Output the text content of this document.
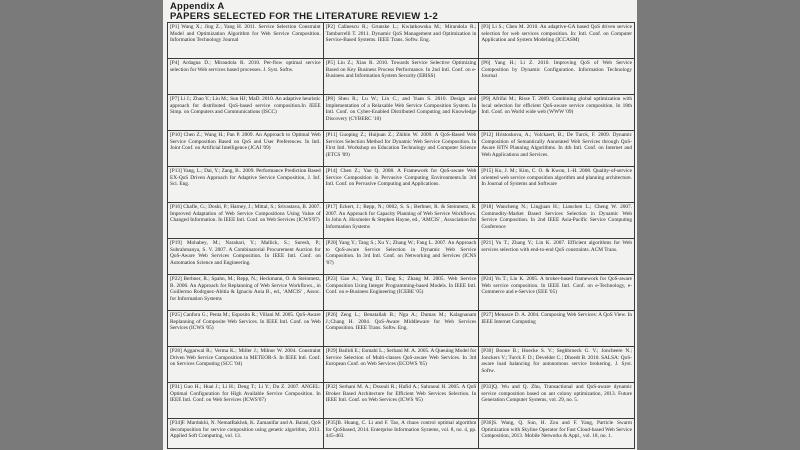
Appendix A
PAPERS SELECTED FOR THE LITERATURE REVIEW 1-2
[P1] Wang X.; Jing Z.; Yang H. 2011. Service Selection Constraint Model and Optimization Algorithm for Web Service Composition. Information Technology Journal
[P2] Calinescu R.; Grunske L.; Kwiatkowska M.; Mirandola R.; Tamburrelli T. 2011. Dynamic QoS Management and Optimization in Service-Based Systems. IEEE Trans. Softw. Eng.
[P3] Li S.; Chen M. 2010. An adaptive-GA based QoS driven service selection for web services composition. In: Intl. Conf. on Computer Application and System Modeling (ICCASM)
[P4] Ardagna D.; Mirandola R. 2010. Per-flow optimal service selection for Web services based processes. J. Syst. Softw.
[P5] Liu Z.; Xiao R. 2010. Towards Service Selective Optimizing Based on Key Business Process Performance. In 2nd Intl. Conf. on e-Business and Information System Security (EBISS)
[P6] Yang H.; Li Z. 2010. Improving QoS of Web Service Composition by Dynamic Configuration. Information Technology Journal
[P7] Li J.; Zhao Y.; Liu M.; Sun HJ; MaD. 2010. An adaptive heuristic approach for distributed QoS-based service composition.In IEEE Simp. on Computers and Communications (ISCC)
[P8] Sheu R.; Lu W.; Lin C.; and Yuan S. 2010. Design and Implementation of a Relaxable Web Service Composition System. In Intl. Conf. on Cyber-Enabled Distributed Computing and Knowledge Discovery (CYBERC '10)
[P9] Afrifai M.; Risse T. 2009. Combining global optimization with local selection for efficient QoS-aware service composition. In 18th Intl. Conf. on World wide web (WWW '09)
[P10] Chen Z.; Wang H.; Pan P. 2009. An Approach to Optimal Web Service Composition Based on QoS and User Preferences. In Intl. Joint Conf. on Artificial Intelligence (JCAI '09)
[P11] Guoping Z.; Huijuan Z.; Zhibin W. 2009. A QoS-Based Web Services Selection Method for Dynamic Web Service Composition. In First Intl. Workshop on Education Technology and Computer Science (ETCS '09)
[P12] Hristoskova, A.; Volckaert, B.; De Turck, F. 2009. Dynamic Composition of Semantically Annotated Web Services through QoS-Aware HTN Planning Algorithms. In 4th Intl. Conf. on Internet and Web Applications and Services.
[P13] Yang, L.; Dai, Y.; Zang, B.. 2009. Performance Prediction Based EX-QoS Driven Approach for Adaptive Service Composition, J. Inf. Sci. Eng.
[P14] Chen Z.; Yao Q. 2008. A Framework for QoS-aware Web Service Composition in Pervasive Computing Environments.In 3rd Intl. Conf. on Pervasive Computing and Applications.
[P15] Ko, J. M.; Kim, C. O. & Kwon, I.-H. 2008. Quality-of-service oriented web service composition algorithm and planning architecture. In Journal of Systems and Software
[P16] Chafle, G.; Doshi, P.; Harney, J.; Mittal, S.; Srivastava, B. 2007. Improved Adaptation of Web Service Compositions Using Value of Changed Information. In IEEE Intl. Conf. on Web Services (ICWS'07)
[P17] Eckert, J.; Repp, N.; 0002, S. S.; Berbner, R. & Steinmetz, R. 2007. An Approach for Capacity Planning of Web Service Workflows. In John A. Hoxmeier & Stephen Hayne, ed., 'AMCIS' , Association for Information Systems
[P18] Wancheng N.; Lingjuan H.; Lianchen L.; Cheng W. 2007. Commodity-Market Based Services Selection in Dynamic Web Service Composition. In 2nd IEEE Asia-Pacific Service Computing Conference
[P19] Mohabey, M.; Narahari, Y.; Mallick, S.; Suresh, P.; Subrahmanya, S. V. 2007. A Combinatorial Procurement Auction for QoS-Aware Web Services Composition. In IEEE Intl. Conf. on Automation Science and Engineering.
[P20] Yang Y.; Tang S.; Xu Y.; Zhang W.; Fang L. 2007. An Approach to QoS-aware Service Selection in Dynamic Web Service Composition. In 3rd Intl. Conf. on Networking and Services (ICNS '07)
[P21] Yu T.; Zhang Y.; Lin K. 2007. Efficient algorithms for Web services selection with end-to-end QoS constraints. ACM Trans.
[P22] Berbner, R.; Spahn, M.; Repp, N.; Heckmann, O. & Steinmetz, R. 2006. An Approach for Replanning of Web Service Workflows., in Guillermo Rodrguez-Abitia & Ignacio Ania B., ed., 'AMCIS' , Assoc. for Information Systems
[P23] Gao A.; Yang D.; Tang S.; Zhang M. 2005. Web Service Composition Using Integer Programming-based Models. In IEEE Intl. Conf. on e-Business Engineering (ICEBE '05)
[P24] Yu T.; Lin K. 2005. A broker-based framework for QoS-aware Web service composition. In IEEE Intl. Conf. on e-Technology, e-Commerce and e-Service (EEE '05)
[P25] Canfora G.; Penta M.; Esposito R.; Villani M. 2005. QoS-Aware Replanning of Composite Web Services. In IEEE Intl. Conf. on Web Services (ICWS '05)
[P26] Zeng L.; Benatallah B.; Ngu A.; Dumas M.; Kalagnanam J.;Chang H. 2004. QoS-Aware Middleware for Web Services Composition. IEEE Trans. Softw. Eng.
[P27] Menasce D. A. 2004. Composing Web Services: A QoS View. In IEEE Internet Computing
[P28] Aggarwal R.; Verma K.; Miller J.; Milnor W. 2004. Constraint Driven Web Service Composition in METEOR-S. In IEEE Intl. Conf. on Services Computing (SCC '04)
[P29] Bailidi E.; Esmahi L.; Serhani M. A. 2005. A Queuing Model for Service Selection of Multi-classes QoS-aware Web Services. In 3rd European Conf. on Web Services (ECOWS '05)
[P30] Boone B.; Hoecke S. V.; Seghbroeck G. V.; Joncheere N.; Jonckers V.; Turck F. D.; Develder C.; Dhoedt B. 2010. SALSA: QoS-aware load balancing for autonomous service brokering. J. Syst. Softw.
[P31] Guo H.; Huai J.; Li H.; Deng T.; Li Y.; Du Z. 2007. ANGEL: Optimal Configuration for High Available Service Composition. In IEEE Intl. Conf. on Web Services (ICWS'07)
[P32] Serhani M. A.; Dssouli R.; Hafid A.; Sahraoui H. 2005. A QoS Broker Based Architecture for Efficient Web Services Selection. In IEEE Intl. Conf. on Web Services (ICWS '05)
[P33]Q. Wu and Q. Zhu, Transactional and QoS-aware dynamic service composition based on ant colony optimization, 2013. Future Generation Computer Systems, vol. 29, no. 5.
[P34]F. Mardukhi, N. NematBakhsh, K. Zamanifar and A. Barati, QoS decomposition for service composition using genetic algorithm, 2013. Applied Soft Computing, vol. 13.
[P35]B. Huang, C. Li and F. Tao, A chaos control optimal algorithm for QoSbased, 2014. Enterprise Information Systems, vol. 8, no. 4, pp. 445-463.
[P36]S. Wang, Q. Sun, H. Zou and F. Yang, Particle Swarm Optimization with Skyline Operator for Fast Cloud-based Web Service Composition, 2013. Mobile Networks & Appl., vol. 18, no. 1.
